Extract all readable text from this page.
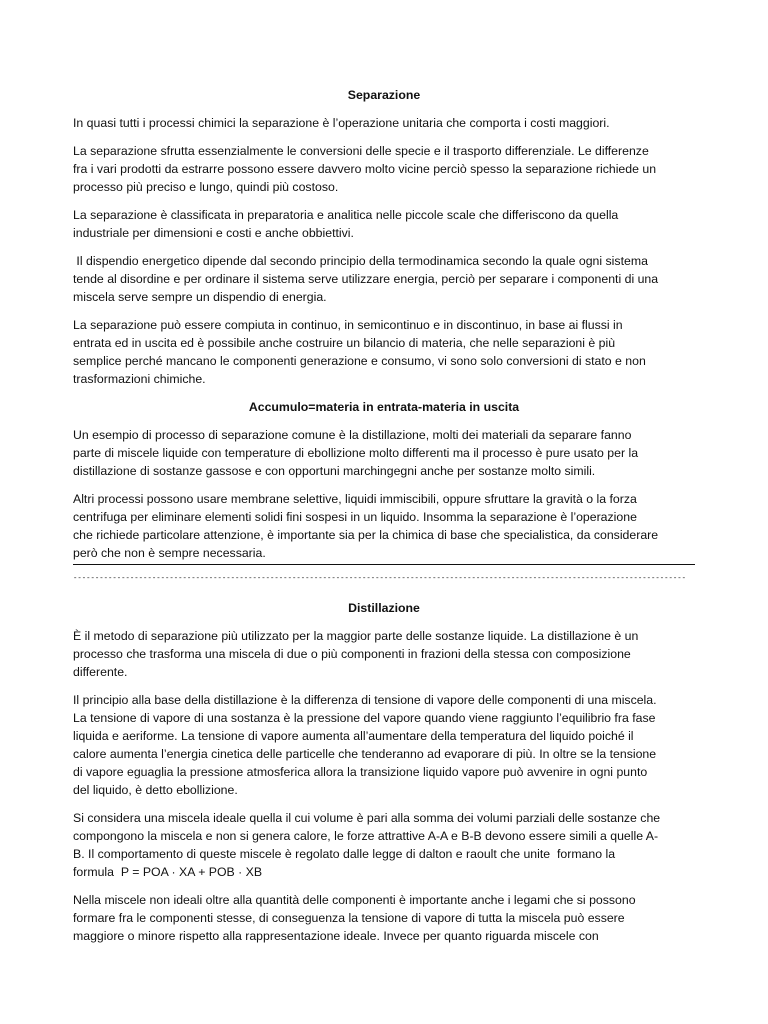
Separazione
In quasi tutti i processi chimici la separazione è l’operazione unitaria che comporta i costi maggiori.
La separazione sfrutta essenzialmente le conversioni delle specie e il trasporto differenziale. Le differenze
fra i vari prodotti da estrarre possono essere davvero molto vicine perciò spesso la separazione richiede un
processo più preciso e lungo, quindi più costoso.
La separazione è classificata in preparatoria e analitica nelle piccole scale che differiscono da quella
industriale per dimensioni e costi e anche obbiettivi.
Il dispendio energetico dipende dal secondo principio della termodinamica secondo la quale ogni sistema
tende al disordine e per ordinare il sistema serve utilizzare energia, perciò per separare i componenti di una
miscela serve sempre un dispendio di energia.
La separazione può essere compiuta in continuo, in semicontinuo e in discontinuo, in base ai flussi in
entrata ed in uscita ed è possibile anche costruire un bilancio di materia, che nelle separazioni è più
semplice perché mancano le componenti generazione e consumo, vi sono solo conversioni di stato e non
trasformazioni chimiche.
Accumulo=materia in entrata-materia in uscita
Un esempio di processo di separazione comune è la distillazione, molti dei materiali da separare fanno
parte di miscele liquide con temperature di ebollizione molto differenti ma il processo è pure usato per la
distillazione di sostanze gassose e con opportuni marchingegni anche per sostanze molto simili.
Altri processi possono usare membrane selettive, liquidi immiscibili, oppure sfruttare la gravità o la forza
centrifuga per eliminare elementi solidi fini sospesi in un liquido. Insomma la separazione è l’operazione
che richiede particolare attenzione, è importante sia per la chimica di base che specialistica, da considerare
però che non è sempre necessaria.
--------------------------------------------------------------------------------------------------------------------------------------------
Distillazione
È il metodo di separazione più utilizzato per la maggior parte delle sostanze liquide. La distillazione è un
processo che trasforma una miscela di due o più componenti in frazioni della stessa con composizione
differente.
Il principio alla base della distillazione è la differenza di tensione di vapore delle componenti di una miscela.
La tensione di vapore di una sostanza è la pressione del vapore quando viene raggiunto l’equilibrio fra fase
liquida e aeriforme. La tensione di vapore aumenta all’aumentare della temperatura del liquido poiché il
calore aumenta l’energia cinetica delle particelle che tenderanno ad evaporare di più. In oltre se la tensione
di vapore eguaglia la pressione atmosferica allora la transizione liquido vapore può avvenire in ogni punto
del liquido, è detto ebollizione.
Si considera una miscela ideale quella il cui volume è pari alla somma dei volumi parziali delle sostanze che
compongono la miscela e non si genera calore, le forze attrattive A-A e B-B devono essere simili a quelle A-
B. Il comportamento di queste miscele è regolato dalle legge di dalton e raoult che unite  formano la
formula  P = POA · XA + POB · XB
Nella miscele non ideali oltre alla quantità delle componenti è importante anche i legami che si possono
formare fra le componenti stesse, di conseguenza la tensione di vapore di tutta la miscela può essere
maggiore o minore rispetto alla rappresentazione ideale. Invece per quanto riguarda miscele con
